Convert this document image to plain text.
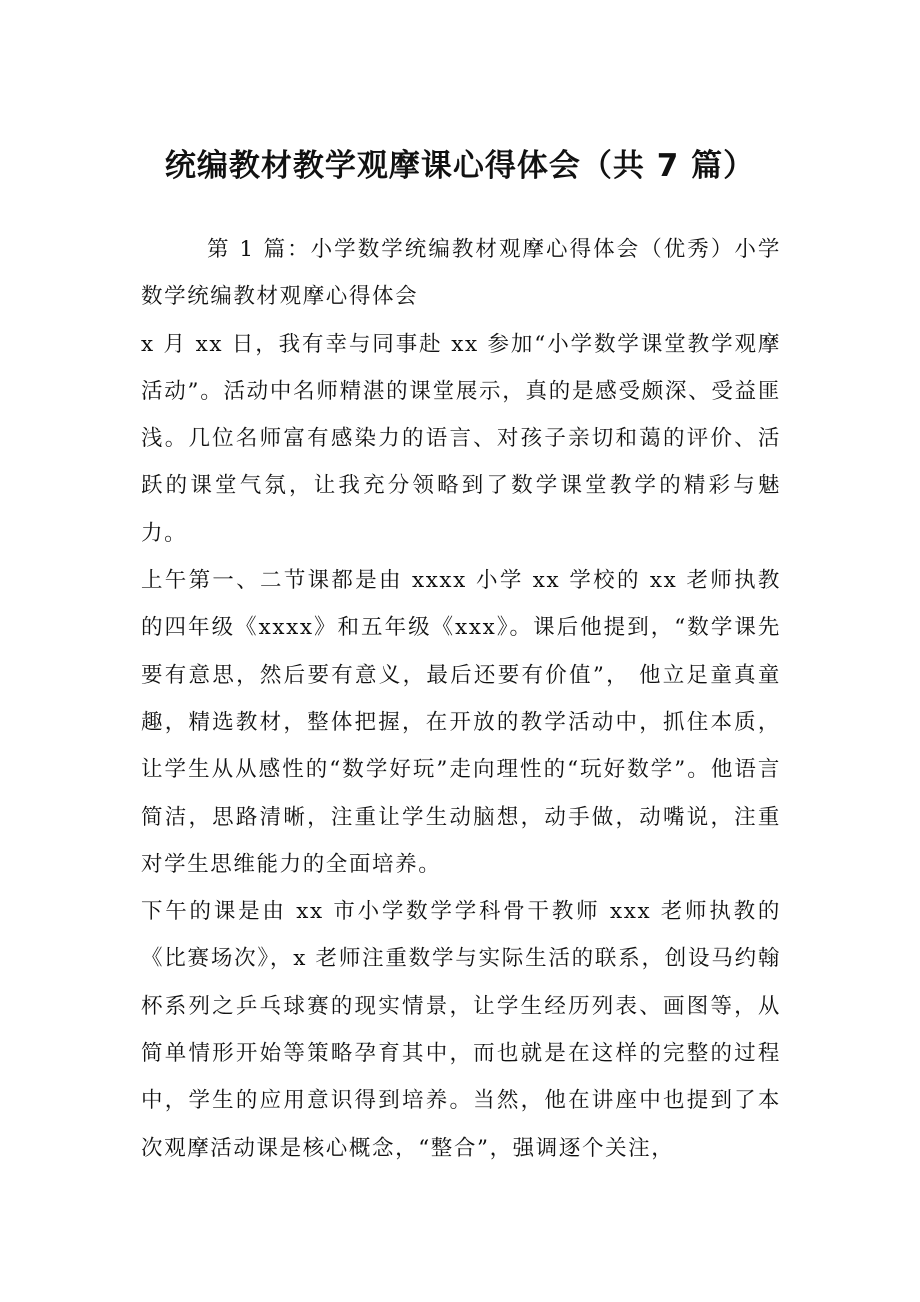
统编教材教学观摩课心得体会（共 7 篇）

第 1 篇：小学数学统编教材观摩心得体会（优秀）小学数学统编教材观摩心得体会

x 月 xx 日，我有幸与同事赴 xx 参加“小学数学课堂教学观摩活动”。活动中名师精湛的课堂展示，真的是感受颇深、受益匪浅。几位名师富有感染力的语言、对孩子亲切和蔼的评价、活跃的课堂气氛，让我充分领略到了数学课堂教学的精彩与魅力。

上午第一、二节课都是由 xxxx 小学 xx 学校的 xx 老师执教的四年级《xxxx》和五年级《xxx》。课后他提到，“数学课先要有意思，然后要有意义，最后还要有价值”， 他立足童真童趣，精选教材，整体把握，在开放的教学活动中，抓住本质，让学生从从感性的“数学好玩”走向理性的“玩好数学”。他语言简洁，思路清晰，注重让学生动脑想，动手做，动嘴说，注重对学生思维能力的全面培养。

下午的课是由 xx 市小学数学学科骨干教师 xxx 老师执教的《比赛场次》，x 老师注重数学与实际生活的联系，创设马约翰杯系列之乒乓球赛的现实情景，让学生经历列表、画图等，从简单情形开始等策略孕育其中，而也就是在这样的完整的过程中，学生的应用意识得到培养。当然，他在讲座中也提到了本次观摩活动课是核心概念，“整合”，强调逐个关注，
